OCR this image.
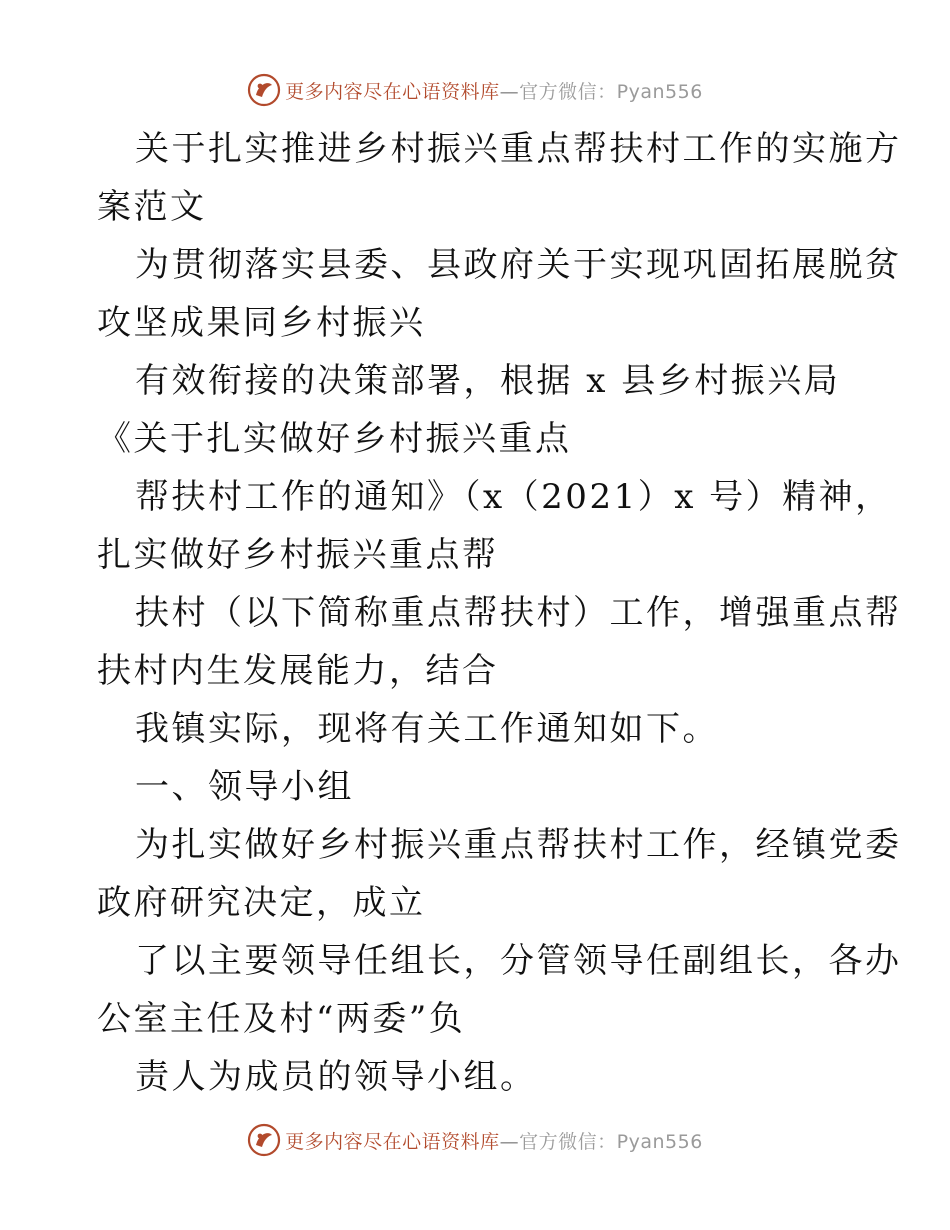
更多内容尽在心语资料库—官方微信：Pyan556
关于扎实推进乡村振兴重点帮扶村工作的实施方
案范文
为贯彻落实县委、县政府关于实现巩固拓展脱贫
攻坚成果同乡村振兴
有效衔接的决策部署，根据 x 县乡村振兴局
《关于扎实做好乡村振兴重点
帮扶村工作的通知》（x（2021）x 号）精神，
扎实做好乡村振兴重点帮
扶村（以下简称重点帮扶村）工作，增强重点帮
扶村内生发展能力，结合
我镇实际，现将有关工作通知如下。
一、领导小组
为扎实做好乡村振兴重点帮扶村工作，经镇党委
政府研究决定，成立
了以主要领导任组长，分管领导任副组长，各办
公室主任及村“两委”负
责人为成员的领导小组。
更多内容尽在心语资料库—官方微信：Pyan556
